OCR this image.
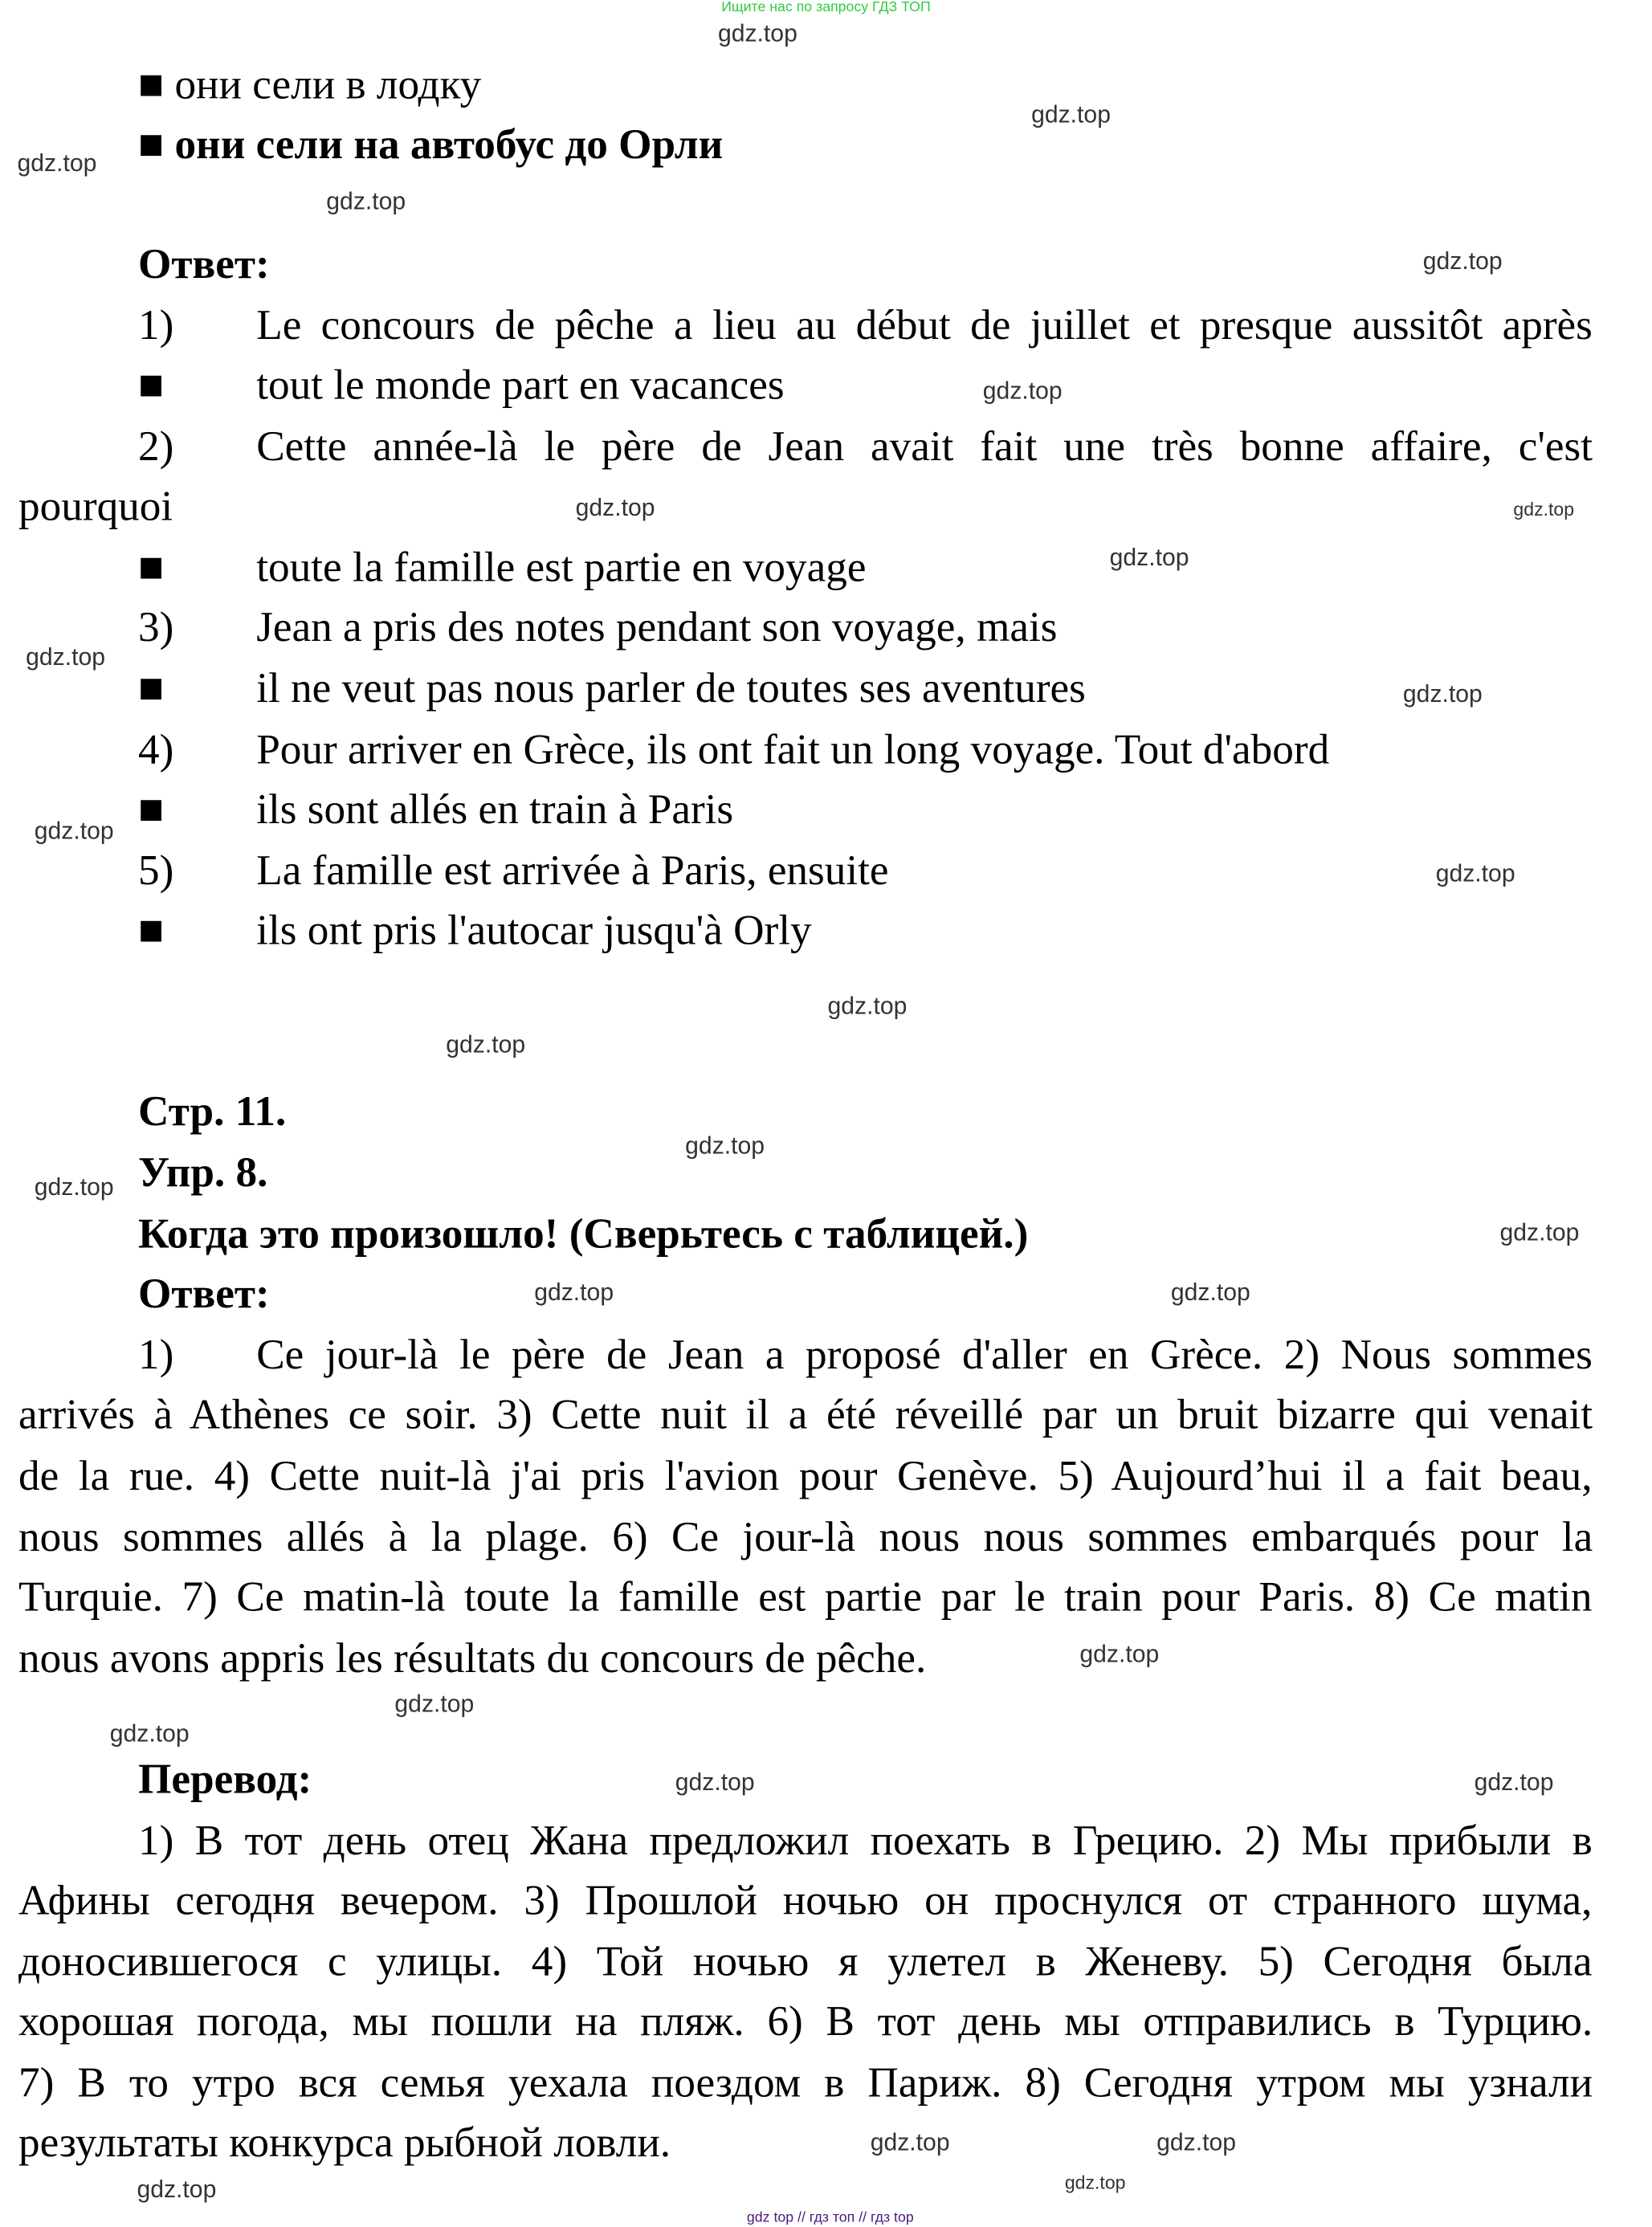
Ищите нас по запросу ГДЗ ТОП
■ они сели в лодку
■ они сели на автобус до Орли
Ответ:
1)	Le concours de pêche a lieu au début de juillet et presque aussitôt après
■	tout le monde part en vacances
2)	Cette année-là le père de Jean avait fait une très bonne affaire, c'est
pourquoi
■	toute la famille est partie en voyage
3)	Jean a pris des notes pendant son voyage, mais
■	il ne veut pas nous parler de toutes ses aventures
4)	Pour arriver en Grèce, ils ont fait un long voyage. Tout d'abord
■	ils sont allés en train à Paris
5)	La famille est arrivée à Paris, ensuite
■	ils ont pris l'autocar jusqu'à Orly
Стр. 11.
Упр. 8.
Когда это произошло! (Сверьтесь с таблицей.)
Ответ:
1)	Ce jour-là le père de Jean a proposé d'aller en Grèce. 2) Nous sommes
arrivés à Athènes ce soir. 3) Cette nuit il a été réveillé par un bruit bizarre qui venait
de la rue. 4) Cette nuit-là j'ai pris l'avion pour Genève. 5) Aujourd’hui il a fait beau,
nous sommes allés à la plage. 6) Ce jour-là nous nous sommes embarqués pour la
Turquie. 7) Ce matin-là toute la famille est partie par le train pour Paris. 8) Ce matin
nous avons appris les résultats du concours de pêche.
Перевод:
1) В тот день отец Жана предложил поехать в Грецию. 2) Мы прибыли в
Афины сегодня вечером. 3) Прошлой ночью он проснулся от странного шума,
доносившегося с улицы. 4) Той ночью я улетел в Женеву. 5) Сегодня была
хорошая погода, мы пошли на пляж. 6) В тот день мы отправились в Турцию.
7) В то утро вся семья уехала поездом в Париж. 8) Сегодня утром мы узнали
результаты конкурса рыбной ловли.
gdz.top
gdz.top
gdz.top
gdz.top
gdz.top
gdz.top
gdz.top
gdz.top
gdz.top
gdz.top
gdz.top
gdz.top
gdz.top
gdz.top
gdz.top
gdz.top
gdz.top
gdz.top
gdz.top	gdz.top
gdz.top
gdz.top
gdz.top
gdz.top	gdz.top
gdz.top
gdz.top
gdz.top
gdz.top
gdz top // гдз топ // гдз top
